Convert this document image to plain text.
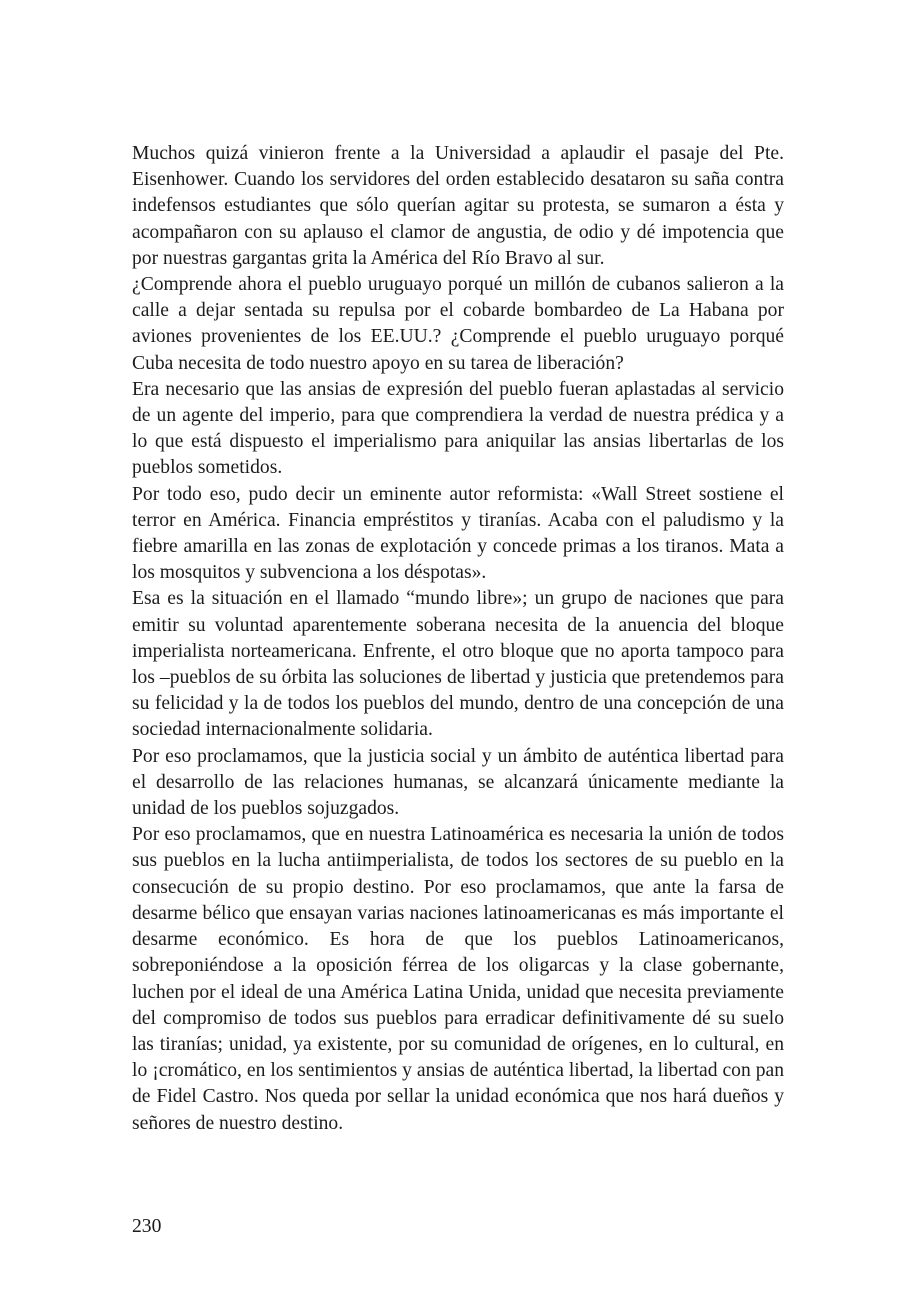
Muchos quizá vinieron frente a la Universidad a aplaudir el pasaje del Pte. Eisenhower. Cuando los servidores del orden establecido desataron su saña contra indefensos estudiantes que sólo querían agitar su protesta, se sumaron a ésta y acompañaron con su aplauso el clamor de angustia, de odio y dé impotencia que por nuestras gargantas grita la América del Río Bravo al sur.

¿Comprende ahora el pueblo uruguayo porqué un millón de cubanos salieron a la calle a dejar sentada su repulsa por el cobarde bombardeo de La Habana por aviones provenientes de los EE.UU.? ¿Comprende el pueblo uruguayo porqué Cuba necesita de todo nuestro apoyo en su tarea de liberación?

Era necesario que las ansias de expresión del pueblo fueran aplastadas al servicio de un agente del imperio, para que comprendiera la verdad de nuestra prédica y a lo que está dispuesto el imperialismo para aniquilar las ansias libertarlas de los pueblos sometidos.

Por todo eso, pudo decir un eminente autor reformista: «Wall Street sostiene el terror en América. Financia empréstitos y tiranías. Acaba con el paludismo y la fiebre amarilla en las zonas de explotación y concede primas a los tiranos. Mata a los mosquitos y subvenciona a los déspotas».

Esa es la situación en el llamado “mundo libre»; un grupo de naciones que para emitir su voluntad aparentemente soberana necesita de la anuencia del bloque imperialista norteamericana. Enfrente, el otro bloque que no aporta tampoco para los –pueblos de su órbita las soluciones de libertad y justicia que pretendemos para su felicidad y la de todos los pueblos del mundo, dentro de una concepción de una sociedad internacionalmente solidaria.

Por eso proclamamos, que la justicia social y un ámbito de auténtica libertad para el desarrollo de las relaciones humanas, se alcanzará únicamente mediante la unidad de los pueblos sojuzgados.

Por eso proclamamos, que en nuestra Latinoamérica es necesaria la unión de todos sus pueblos en la lucha antiimperialista, de todos los sectores de su pueblo en la consecución de su propio destino. Por eso proclamamos, que ante la farsa de desarme bélico que ensayan varias naciones latinoamericanas es más importante el desarme económico. Es hora de que los pueblos Latinoamericanos, sobreponiéndose a la oposición férrea de los oligarcas y la clase gobernante, luchen por el ideal de una América Latina Unida, unidad que necesita previamente del compromiso de todos sus pueblos para erradicar definitivamente dé su suelo las tiranías; unidad, ya existente, por su comunidad de orígenes, en lo cultural, en lo ¡cromático, en los sentimientos y ansias de auténtica libertad, la libertad con pan de Fidel Castro. Nos queda por sellar la unidad económica que nos hará dueños y señores de nuestro destino.

230
